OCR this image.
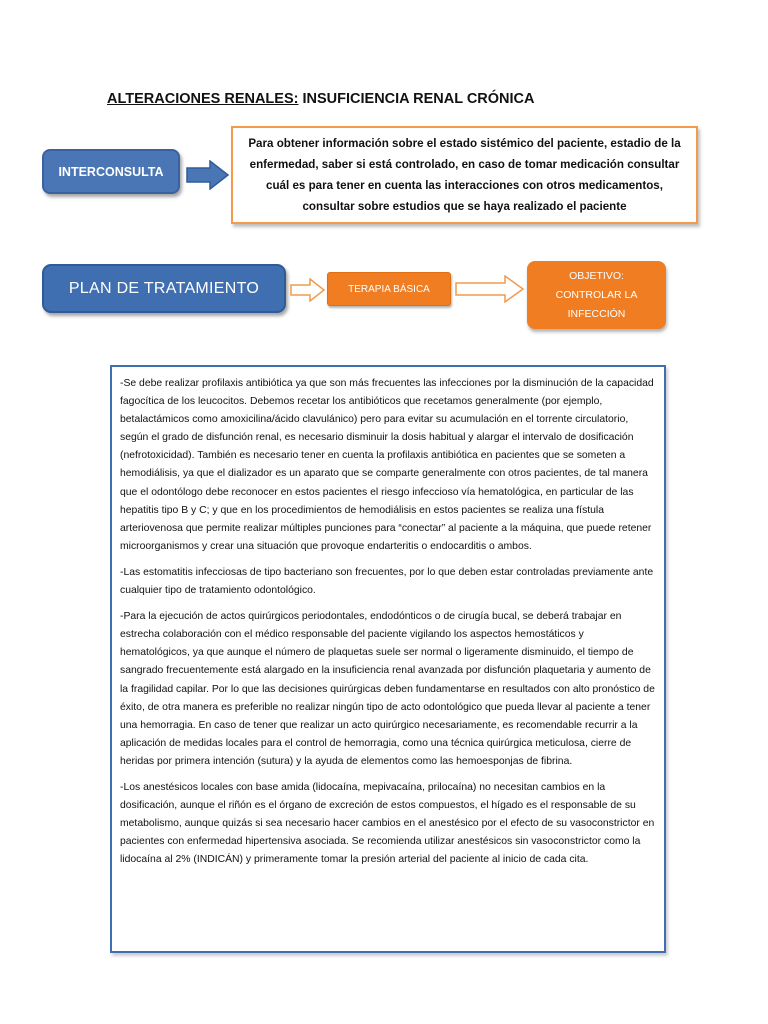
ALTERACIONES RENALES: INSUFICIENCIA RENAL CRÓNICA
INTERCONSULTA
Para obtener información sobre el estado sistémico del paciente, estadio de la enfermedad, saber si está controlado, en caso de tomar medicación consultar cuál es para tener en cuenta las interacciones con otros medicamentos, consultar sobre estudios que se haya realizado el paciente
PLAN DE TRATAMIENTO	TERAPIA BÁSICA
OBJETIVO:
CONTROLAR LA
INFECCIÓN

-Se debe realizar profilaxis antibiótica ya que son más frecuentes las infecciones por la disminución de la capacidad fagocítica de los leucocitos. Debemos recetar los antibióticos que recetamos generalmente (por ejemplo, betalactámicos como amoxicilina/ácido clavulánico) pero para evitar su acumulación en el torrente circulatorio, según el grado de disfunción renal, es necesario disminuir la dosis habitual y alargar el intervalo de dosificación (nefrotoxicidad). También es necesario tener en cuenta la profilaxis antibiótica en pacientes que se someten a hemodiálisis, ya que el dializador es un aparato que se comparte generalmente con otros pacientes, de tal manera que el odontólogo debe reconocer en estos pacientes el riesgo infeccioso vía hematológica, en particular de las hepatitis tipo B y C; y que en los procedimientos de hemodiálisis en estos pacientes se realiza una fístula arteriovenosa que permite realizar múltiples punciones para “conectar” al paciente a la máquina, que puede retener microorganismos y crear una situación que provoque endarteritis o endocarditis o ambos.

-Las estomatitis infecciosas de tipo bacteriano son frecuentes, por lo que deben estar controladas previamente ante cualquier tipo de tratamiento odontológico.

-Para la ejecución de actos quirúrgicos periodontales, endodónticos o de cirugía bucal, se deberá trabajar en estrecha colaboración con el médico responsable del paciente vigilando los aspectos hemostáticos y hematológicos, ya que aunque el número de plaquetas suele ser normal o ligeramente disminuido, el tiempo de sangrado frecuentemente está alargado en la insuficiencia renal avanzada por disfunción plaquetaria y aumento de la fragilidad capilar. Por lo que las decisiones quirúrgicas deben fundamentarse en resultados con alto pronóstico de éxito, de otra manera es preferible no realizar ningún tipo de acto odontológico que pueda llevar al paciente a tener una hemorragia. En caso de tener que realizar un acto quirúrgico necesariamente, es recomendable recurrir a la aplicación de medidas locales para el control de hemorragia, como una técnica quirúrgica meticulosa, cierre de heridas por primera intención (sutura) y la ayuda de elementos como las hemoesponjas de fibrina.

-Los anestésicos locales con base amida (lidocaína, mepivacaína, prilocaína) no necesitan cambios en la dosificación, aunque el riñón es el órgano de excreción de estos compuestos, el hígado es el responsable de su metabolismo, aunque quizás si sea necesario hacer cambios en el anestésico por el efecto de su vasoconstrictor en pacientes con enfermedad hipertensiva asociada. Se recomienda utilizar anestésicos sin vasoconstrictor como la lidocaína al 2% (INDICÁN) y primeramente tomar la presión arterial del paciente al inicio de cada cita.
